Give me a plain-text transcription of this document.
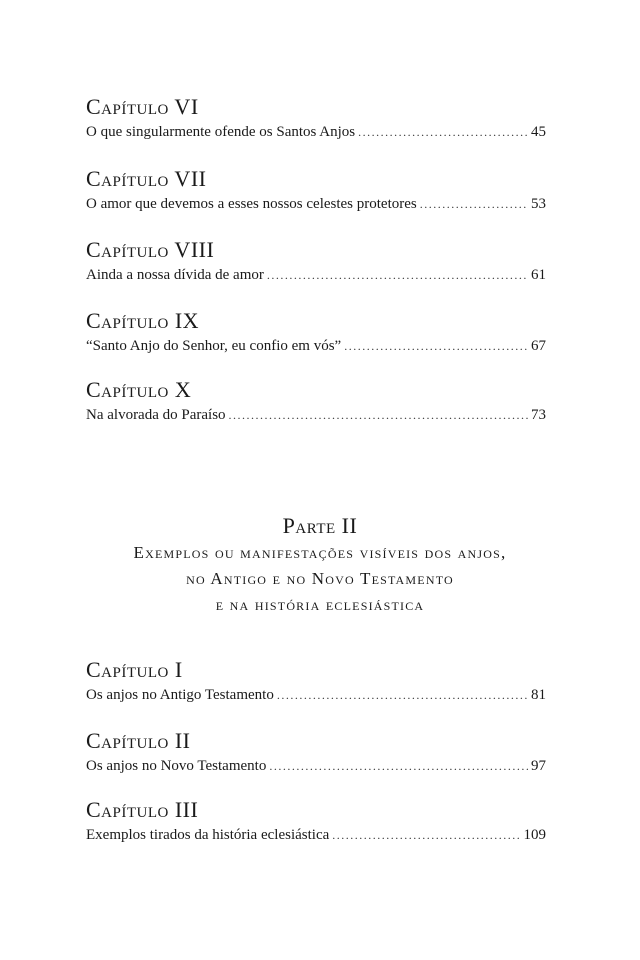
Capítulo VI
O que singularmente ofende os Santos Anjos .....	45
Capítulo VII
O amor que devemos a esses nossos celestes protetores .....	53
Capítulo VIII
Ainda a nossa dívida de amor .....	61
Capítulo IX
“Santo Anjo do Senhor, eu confio em vós” .....	67
Capítulo X
Na alvorada do Paraíso .....	73
Parte II
Exemplos ou manifestações visíveis dos anjos,
no Antigo e no Novo Testamento
e na história eclesiástica
Capítulo I
Os anjos no Antigo Testamento .....	81
Capítulo II
Os anjos no Novo Testamento .....	97
Capítulo III
Exemplos tirados da história eclesiástica .....	109
